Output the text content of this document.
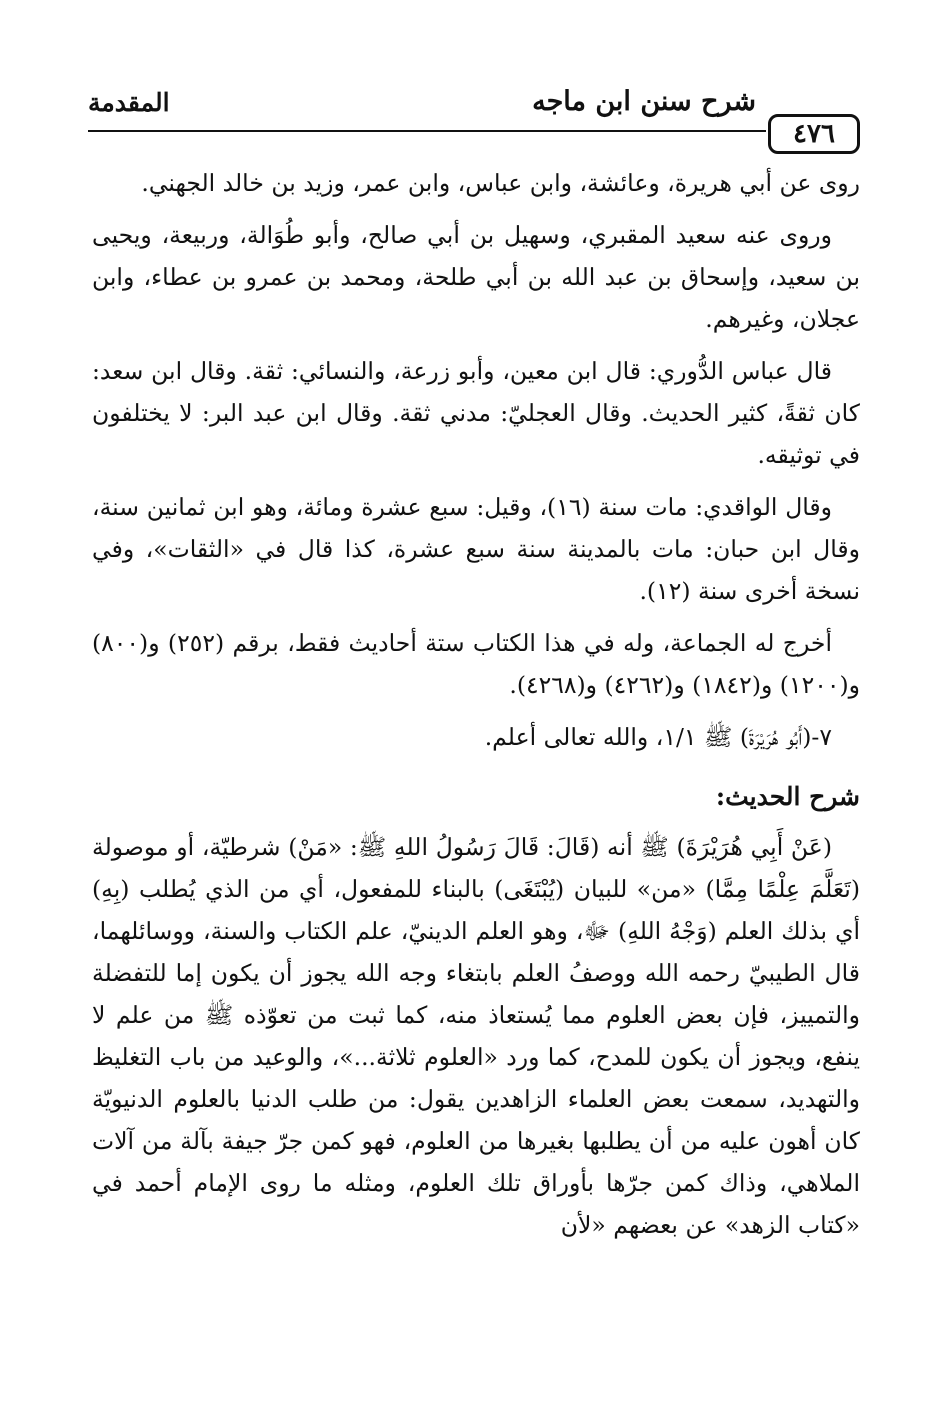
٤٧٦
شرح سنن ابن ماجه
المقدمة

روى عن أبي هريرة، وعائشة، وابن عباس، وابن عمر، وزيد بن خالد الجهني.

وروى عنه سعيد المقبري، وسهيل بن أبي صالح، وأبو طُوَالة، وربيعة، ويحيى بن سعيد، وإسحاق بن عبد الله بن أبي طلحة، ومحمد بن عمرو بن عطاء، وابن عجلان، وغيرهم.

قال عباس الدُّوري: قال ابن معين، وأبو زرعة، والنسائي: ثقة. وقال ابن سعد: كان ثقةً، كثير الحديث. وقال العجليّ: مدني ثقة. وقال ابن عبد البر: لا يختلفون في توثيقه.

وقال الواقدي: مات سنة (١٦)، وقيل: سبع عشرة ومائة، وهو ابن ثمانين سنة، وقال ابن حبان: مات بالمدينة سنة سبع عشرة، كذا قال في «الثقات»، وفي نسخة أخرى سنة (١٢).

أخرج له الجماعة، وله في هذا الكتاب ستة أحاديث فقط، برقم (٢٥٢) و(٨٠٠) و(١٢٠٠) و(١٨٤٢) و(٤٢٦٢) و(٤٢٦٨).

٧-(أَبُو هُرَيْرَةَ) ﷺ ١/١، والله تعالى أعلم.

شرح الحديث:

(عَنْ أَبِي هُرَيْرَةَ) ﷺ أنه (قَالَ: قَالَ رَسُولُ اللهِ ﷺ: «مَنْ) شرطيّة، أو موصولة (تَعَلَّمَ عِلْمًا مِمَّا) «من» للبيان (يُبْتَغَى) بالبناء للمفعول، أي من الذي يُطلب (بِهِ) أي بذلك العلم (وَجْهُ اللهِ) ﷻ، وهو العلم الدينيّ، علم الكتاب والسنة، ووسائلهما، قال الطيبيّ رحمه الله ووصفُ العلم بابتغاء وجه الله يجوز أن يكون إما للتفضلة والتمييز، فإن بعض العلوم مما يُستعاذ منه، كما ثبت من تعوّذه ﷺ من علم لا ينفع، ويجوز أن يكون للمدح، كما ورد «العلوم ثلاثة...»، والوعيد من باب التغليظ والتهديد، سمعت بعض العلماء الزاهدين يقول: من طلب الدنيا بالعلوم الدنيويّة كان أهون عليه من أن يطلبها بغيرها من العلوم، فهو كمن جرّ جيفة بآلة من آلات الملاهي، وذاك كمن جرّها بأوراق تلك العلوم، ومثله ما روى الإمام أحمد في «كتاب الزهد» عن بعضهم «لأن
